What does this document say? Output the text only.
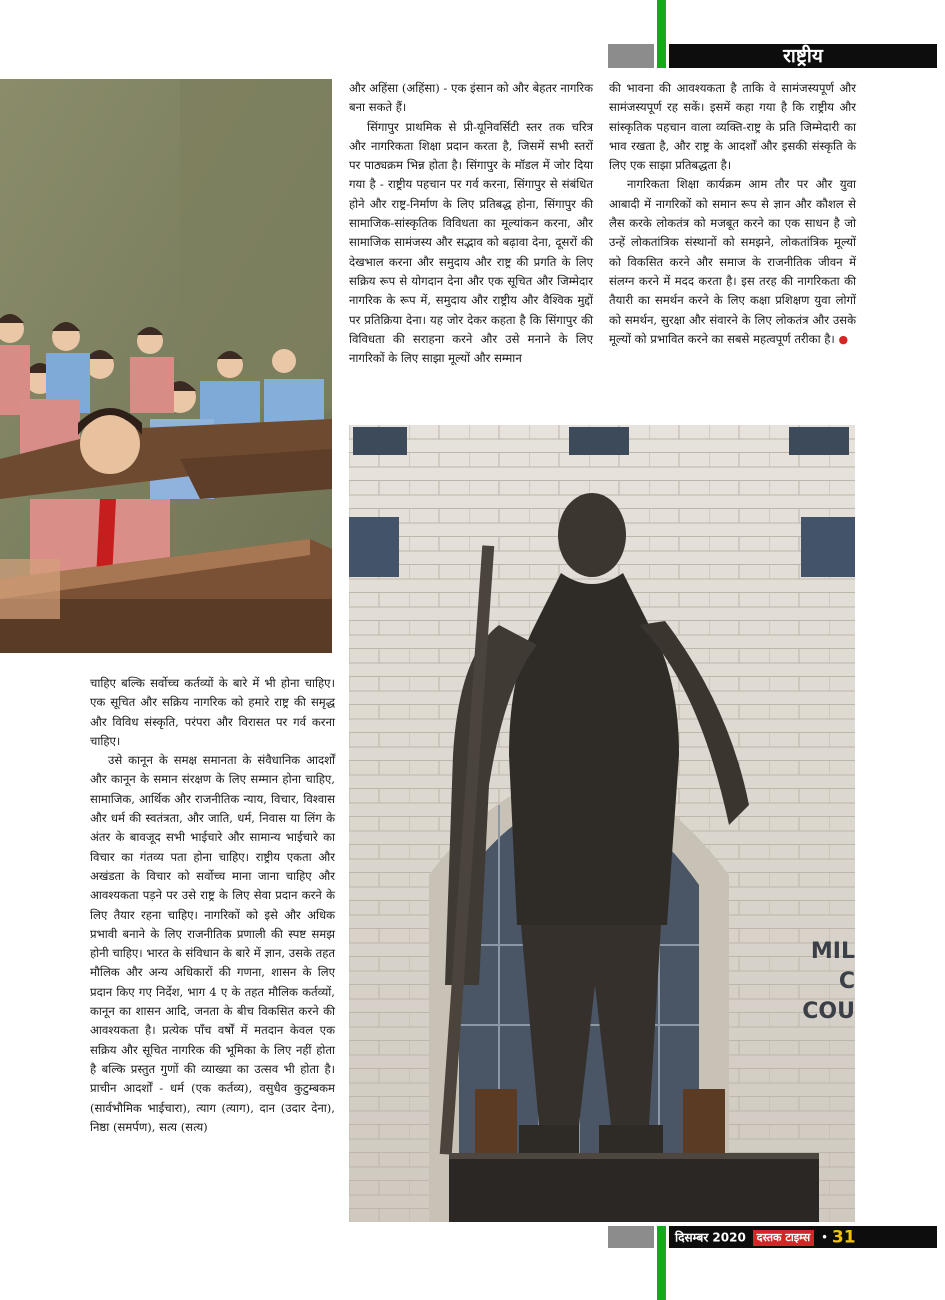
राष्ट्रीय

और अहिंसा (अहिंसा) - एक इंसान को और बेहतर नागरिक बना सकते हैं।

सिंगापुर प्राथमिक से प्री-यूनिवर्सिटी स्तर तक चरित्र और नागरिकता शिक्षा प्रदान करता है, जिसमें सभी स्तरों पर पाठ्यक्रम भिन्न होता है। सिंगापुर के मॉडल में जोर दिया गया है - राष्ट्रीय पहचान पर गर्व करना, सिंगापुर से संबंधित होने और राष्ट्र-निर्माण के लिए प्रतिबद्ध होना, सिंगापुर की सामाजिक-सांस्कृतिक विविधता का मूल्यांकन करना, और सामाजिक सामंजस्य और सद्भाव को बढ़ावा देना, दूसरों की देखभाल करना और समुदाय और राष्ट्र की प्रगति के लिए सक्रिय रूप से योगदान देना और एक सूचित और जिम्मेदार नागरिक के रूप में, समुदाय और राष्ट्रीय और वैश्विक मुद्दों पर प्रतिक्रिया देना। यह जोर देकर कहता है कि सिंगापुर की विविधता की सराहना करने और उसे मनाने के लिए नागरिकों के लिए साझा मूल्यों और सम्मान

की भावना की आवश्यकता है ताकि वे सामंजस्यपूर्ण और सामंजस्यपूर्ण रह सकें। इसमें कहा गया है कि राष्ट्रीय और सांस्कृतिक पहचान वाला व्यक्ति-राष्ट्र के प्रति जिम्मेदारी का भाव रखता है, और राष्ट्र के आदर्शों और इसकी संस्कृति के लिए एक साझा प्रतिबद्धता है।

नागरिकता शिक्षा कार्यक्रम आम तौर पर और युवा आबादी में नागरिकों को समान रूप से ज्ञान और कौशल से लैस करके लोकतंत्र को मजबूत करने का एक साधन है जो उन्हें लोकतांत्रिक संस्थानों को समझने, लोकतांत्रिक मूल्यों को विकसित करने और समाज के राजनीतिक जीवन में संलग्न करने में मदद करता है। इस तरह की नागरिकता की तैयारी का समर्थन करने के लिए कक्षा प्रशिक्षण युवा लोगों को समर्थन, सुरक्षा और संवारने के लिए लोकतंत्र और उसके मूल्यों को प्रभावित करने का सबसे महत्वपूर्ण तरीका है। ●

MIL
C
COU

चाहिए बल्कि सर्वोच्च कर्तव्यों के बारे में भी होना चाहिए। एक सूचित और सक्रिय नागरिक को हमारे राष्ट्र की समृद्ध और विविध संस्कृति, परंपरा और विरासत पर गर्व करना चाहिए।

उसे कानून के समक्ष समानता के संवैधानिक आदर्शों और कानून के समान संरक्षण के लिए सम्मान होना चाहिए, सामाजिक, आर्थिक और राजनीतिक न्याय, विचार, विश्वास और धर्म की स्वतंत्रता, और जाति, धर्म, निवास या लिंग के अंतर के बावजूद सभी भाईचारे और सामान्य भाईचारे का विचार का गंतव्य पता होना चाहिए। राष्ट्रीय एकता और अखंडता के विचार को सर्वोच्च माना जाना चाहिए और आवश्यकता पड़ने पर उसे राष्ट्र के लिए सेवा प्रदान करने के लिए तैयार रहना चाहिए। नागरिकों को इसे और अधिक प्रभावी बनाने के लिए राजनीतिक प्रणाली की स्पष्ट समझ होनी चाहिए। भारत के संविधान के बारे में ज्ञान, उसके तहत मौलिक और अन्य अधिकारों की गणना, शासन के लिए प्रदान किए गए निर्देश, भाग 4 ए के तहत मौलिक कर्तव्यों, कानून का शासन आदि, जनता के बीच विकसित करने की आवश्यकता है। प्रत्येक पाँच वर्षों में मतदान केवल एक सक्रिय और सूचित नागरिक की भूमिका के लिए नहीं होता है बल्कि प्रस्तुत गुणों की व्याख्या का उत्सव भी होता है। प्राचीन आदर्शों - धर्म (एक कर्तव्य), वसुधैव कुटुम्बकम (सार्वभौमिक भाईचारा), त्याग (त्याग), दान (उदार देना), निष्ठा (समर्पण), सत्य (सत्य)

दिसम्बर 2020 दस्तक टाइम्स • 31
